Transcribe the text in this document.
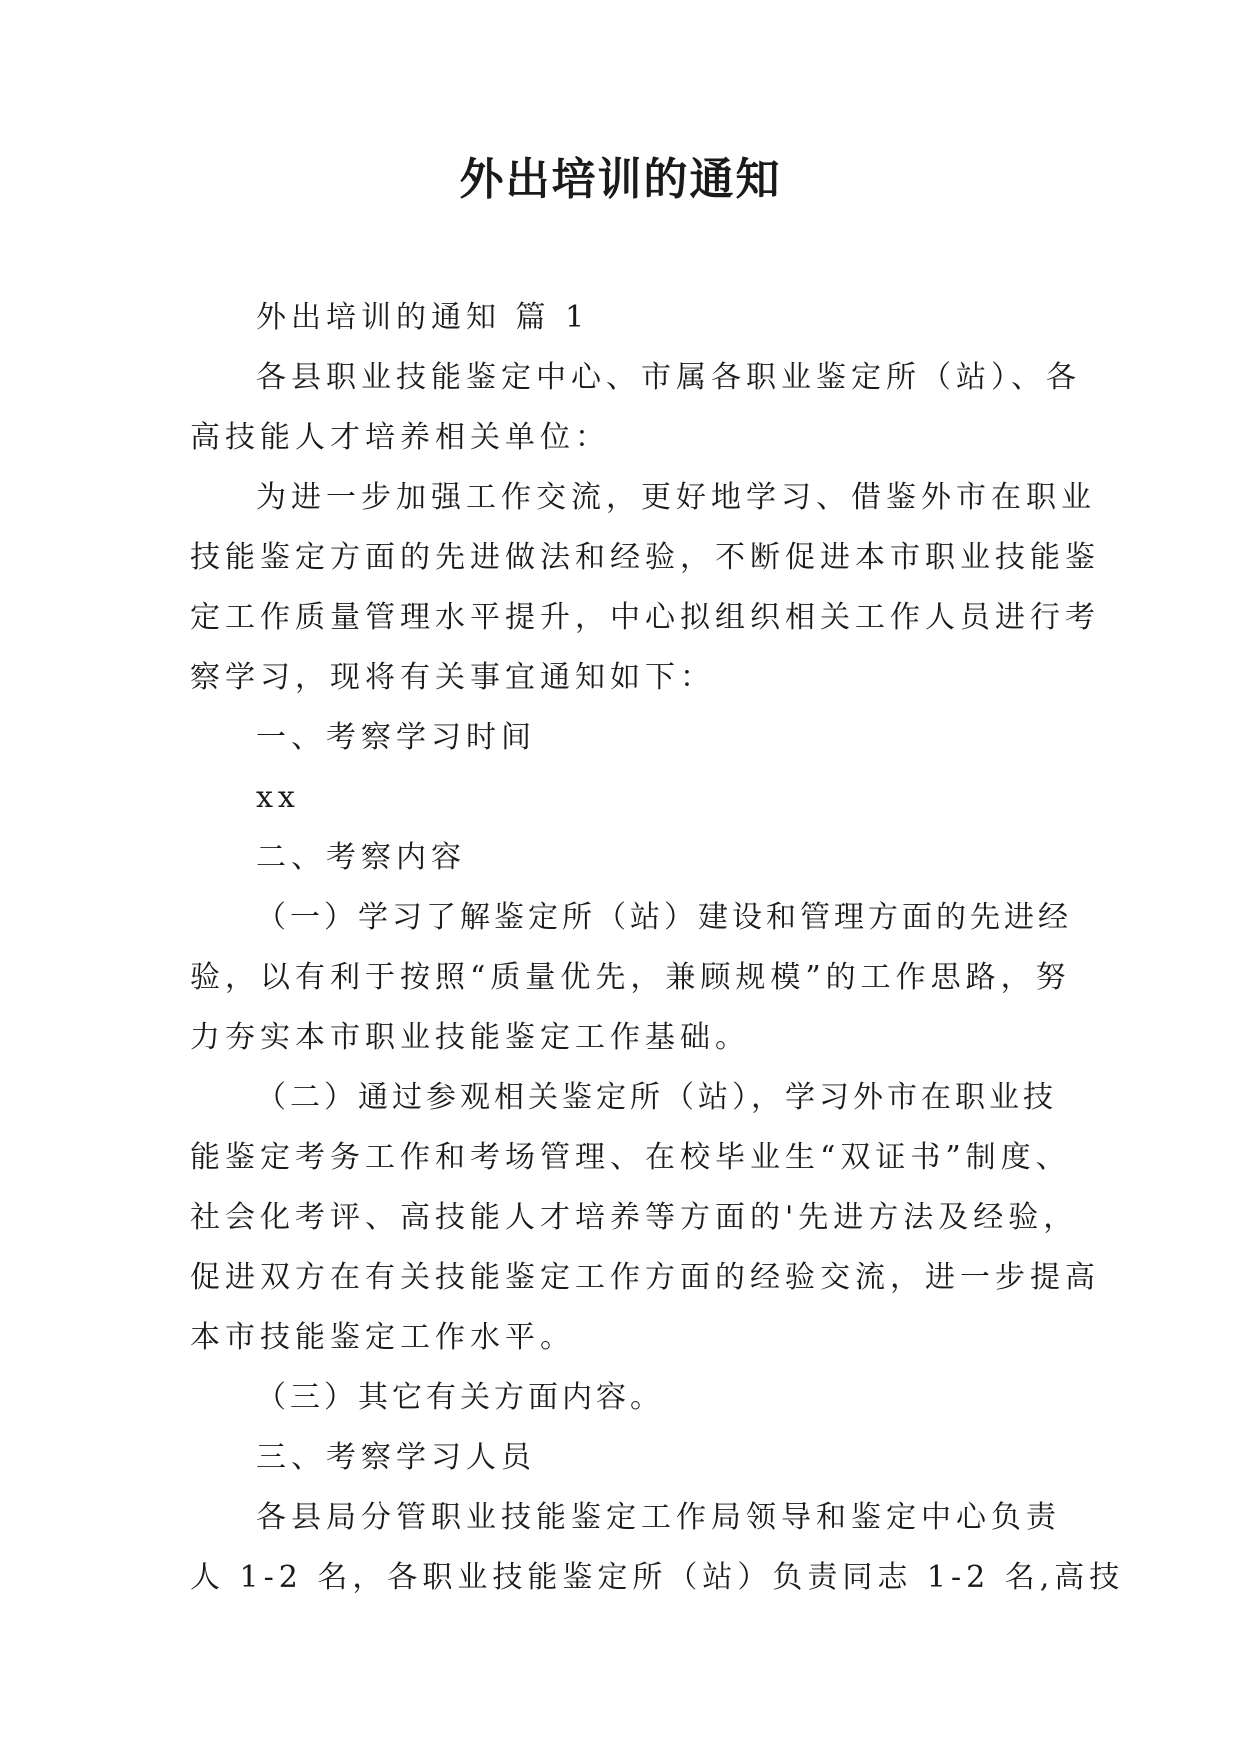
外出培训的通知
外出培训的通知 篇 1
各县职业技能鉴定中心、市属各职业鉴定所（站）、各
高技能人才培养相关单位：
为进一步加强工作交流，更好地学习、借鉴外市在职业
技能鉴定方面的先进做法和经验，不断促进本市职业技能鉴
定工作质量管理水平提升，中心拟组织相关工作人员进行考
察学习，现将有关事宜通知如下：
一、考察学习时间
xx
二、考察内容
（一）学习了解鉴定所（站）建设和管理方面的先进经
验，以有利于按照“质量优先，兼顾规模”的工作思路，努
力夯实本市职业技能鉴定工作基础。
（二）通过参观相关鉴定所（站），学习外市在职业技
能鉴定考务工作和考场管理、在校毕业生“双证书”制度、
社会化考评、高技能人才培养等方面的'先进方法及经验，
促进双方在有关技能鉴定工作方面的经验交流，进一步提高
本市技能鉴定工作水平。
（三）其它有关方面内容。
三、考察学习人员
各县局分管职业技能鉴定工作局领导和鉴定中心负责
人 1-2 名，各职业技能鉴定所（站）负责同志 1-2 名,高技
